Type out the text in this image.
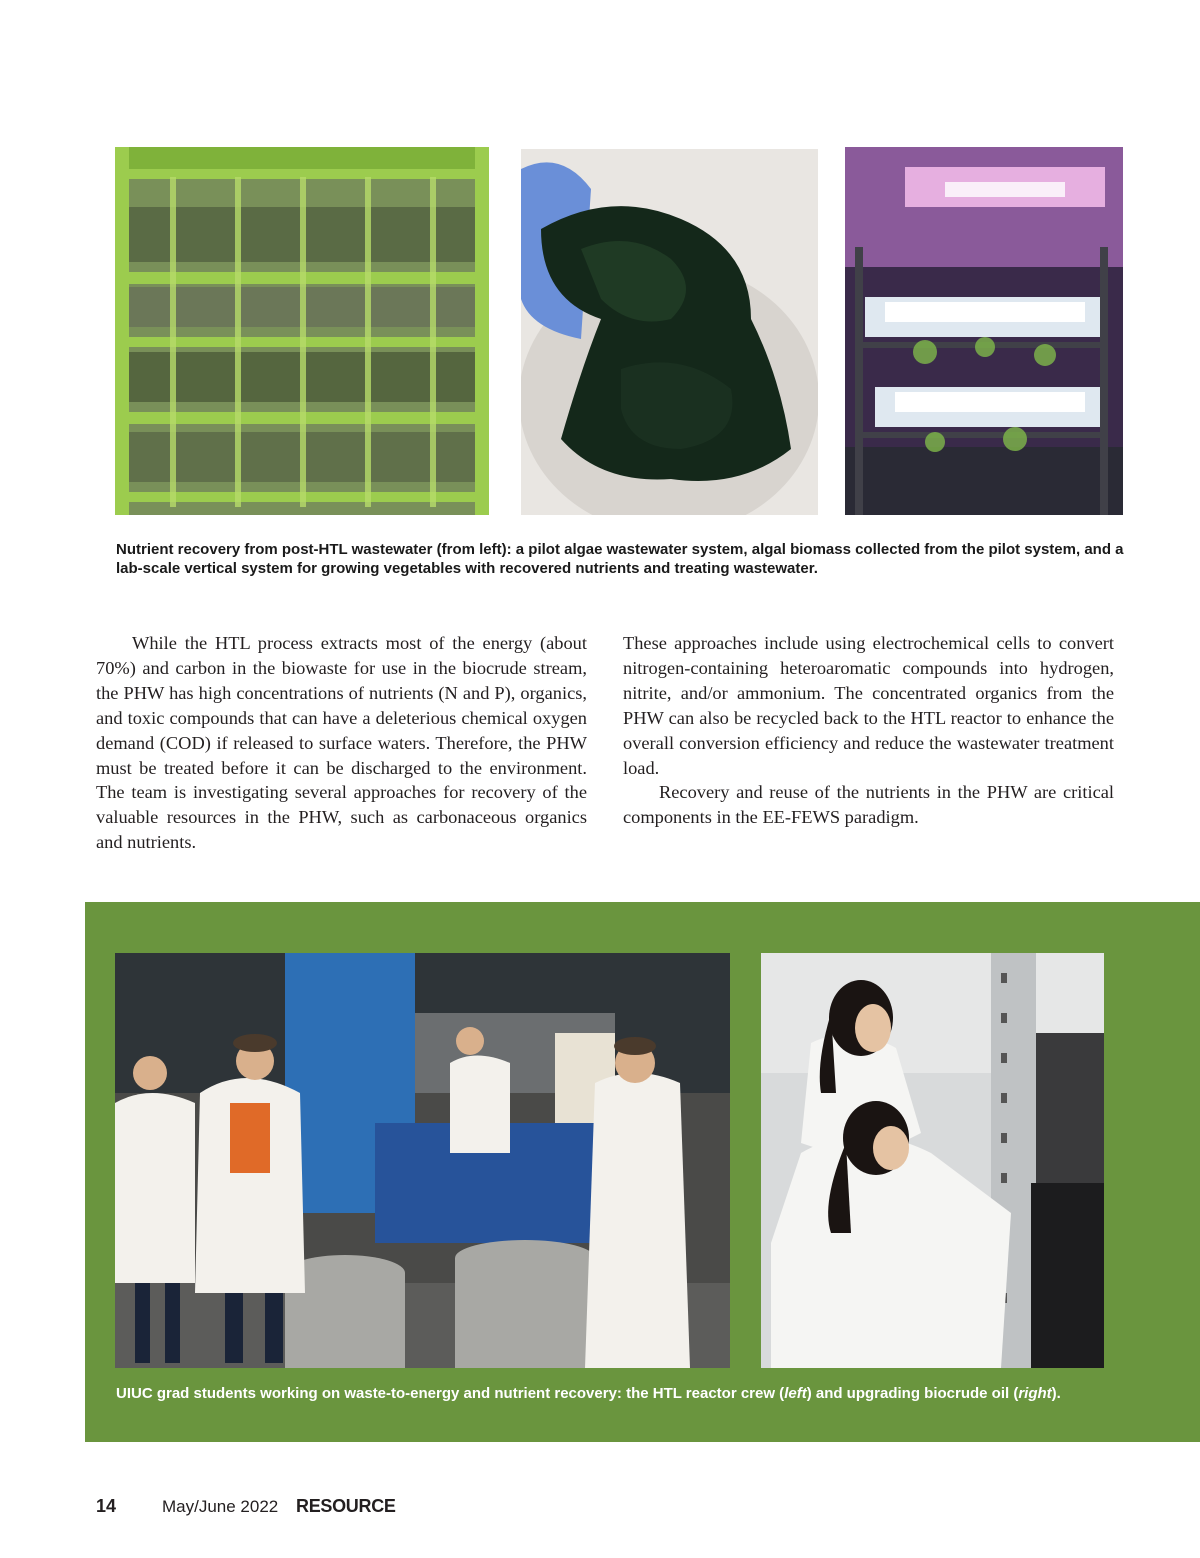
Nutrient recovery from post-HTL wastewater (from left): a pilot algae wastewater system, algal biomass collected from the pilot system, and a lab-scale vertical system for growing vegetables with recovered nutrients and treating wastewater.

While the HTL process extracts most of the energy (about 70%) and carbon in the biowaste for use in the biocrude stream, the PHW has high concentrations of nutrients (N and P), organics, and toxic compounds that can have a deleterious chemical oxygen demand (COD) if released to surface waters. Therefore, the PHW must be treated before it can be discharged to the environment. The team is investigating several approaches for recovery of the valuable resources in the PHW, such as carbonaceous organics and nutrients.

These approaches include using electrochemical cells to convert nitrogen-containing heteroaromatic compounds into hydrogen, nitrite, and/or ammonium. The concentrated organics from the PHW can also be recycled back to the HTL reactor to enhance the overall conversion efficiency and reduce the wastewater treatment load.

Recovery and reuse of the nutrients in the PHW are critical components in the EE-FEWS paradigm.

UIUC grad students working on waste-to-energy and nutrient recovery: the HTL reactor crew (left) and upgrading biocrude oil (right).
14	May/June 2022 RESOURCE
